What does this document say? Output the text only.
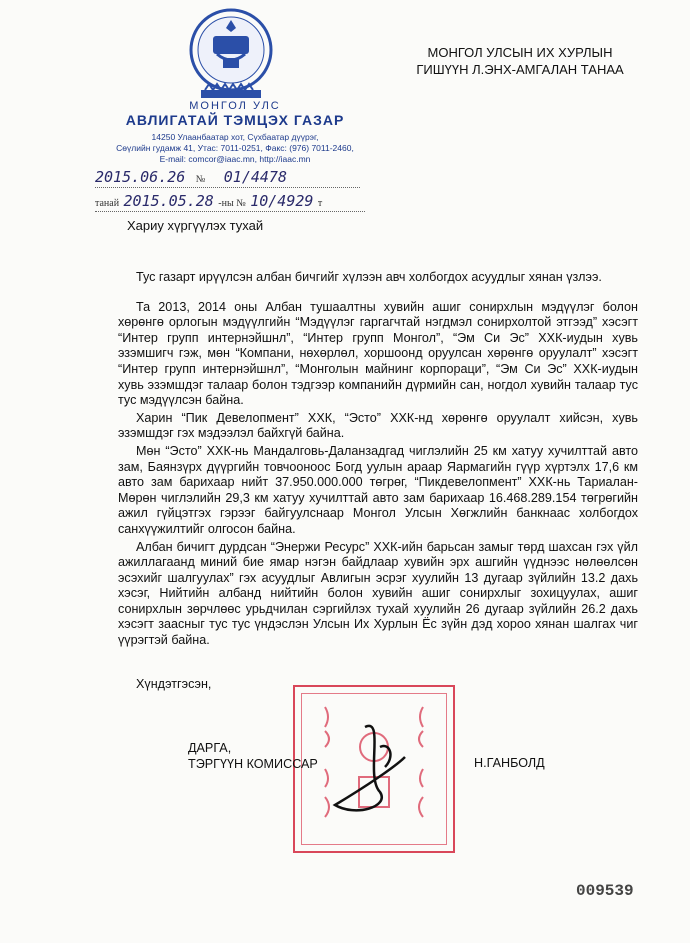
МОНГОЛ УЛС
АВЛИГАТАЙ ТЭМЦЭХ ГАЗАР
14250 Улаанбаатар хот, Сүхбаатар дүүрэг,
Сөүлийн гудамж 41, Утас: 7011-0251, Факс: (976) 7011-2460,
E-mail: comcor@iaac.mn, http://iaac.mn
МОНГОЛ УЛСЫН ИХ ХУРЛЫН
ГИШҮҮН Л.ЭНХ-АМГАЛАН ТАНАА
2015.06.26 № 01/4478
танай 2015.05.28 -ны № 10/4929 т
Хариу хүргүүлэх тухай

Тус газарт ирүүлсэн албан бичгийг хүлээн авч холбогдох асуудлыг хянан үзлээ.

Та 2013, 2014 оны Албан тушаалтны хувийн ашиг сонирхлын мэдүүлэг болон хөрөнгө орлогын мэдүүлгийн “Мэдүүлэг гаргагчтай нэгдмэл сонирхолтой этгээд” хэсэгт “Интер групп интернэйшнл”, “Интер групп Монгол”, “Эм Си Эс” ХХК-иудын хувь эзэмшигч гэж, мөн “Компани, нөхөрлөл, хоршоонд оруулсан хөрөнгө оруулалт” хэсэгт “Интер групп интернэйшнл”, “Монголын майнинг корпораци”, “Эм Си Эс” ХХК-иудын хувь эзэмшдэг талаар болон тэдгээр компанийн дүрмийн сан, ногдол хувийн талаар тус тус мэдүүлсэн байна.

Харин “Пик Девелопмент” ХХК, “Эсто” ХХК-нд хөрөнгө оруулалт хийсэн, хувь эзэмшдэг гэх мэдээлэл байхгүй байна.

Мөн “Эсто” ХХК-нь Мандалговь-Даланзадгад чиглэлийн 25 км хатуу хучилттай авто зам, Баянзүрх дүүргийн товчооноос Богд уулын араар Яармагийн гүүр хүртэлх 17,6 км авто зам барихаар нийт 37.950.000.000 төгрөг, “Пикдевелопмент” ХХК-нь Тариалан-Мөрөн чиглэлийн 29,3 км хатуу хучилттай авто зам барихаар 16.468.289.154 төгрөгийн ажил гүйцэтгэх гэрээг байгуулснаар Монгол Улсын Хөгжлийн банкнаас холбогдох санхүүжилтийг олгосон байна.

Албан бичигт дурдсан “Энержи Ресурс” ХХК-ийн барьсан замыг төрд шахсан гэх үйл ажиллагаанд миний бие ямар нэгэн байдлаар хувийн эрх ашгийн үүднээс нөлөөлсөн эсэхийг шалгуулах” гэх асуудлыг Авлигын эсрэг хуулийн 13 дугаар зүйлийн 13.2 дахь хэсэг, Нийтийн албанд нийтийн болон хувийн ашиг сонирхлыг зохицуулах, ашиг сонирхлын зөрчлөөс урьдчилан сэргийлэх тухай хуулийн 26 дугаар зүйлийн 26.2 дахь хэсэгт заасныг тус тус үндэслэн Улсын Их Хурлын Ёс зүйн дэд хороо хянан шалгах чиг үүрэгтэй байна.

Хүндэтгэсэн,
ДАРГА,
ТЭРГҮҮН КОМИССАР	Н.ГАНБОЛД
009539
